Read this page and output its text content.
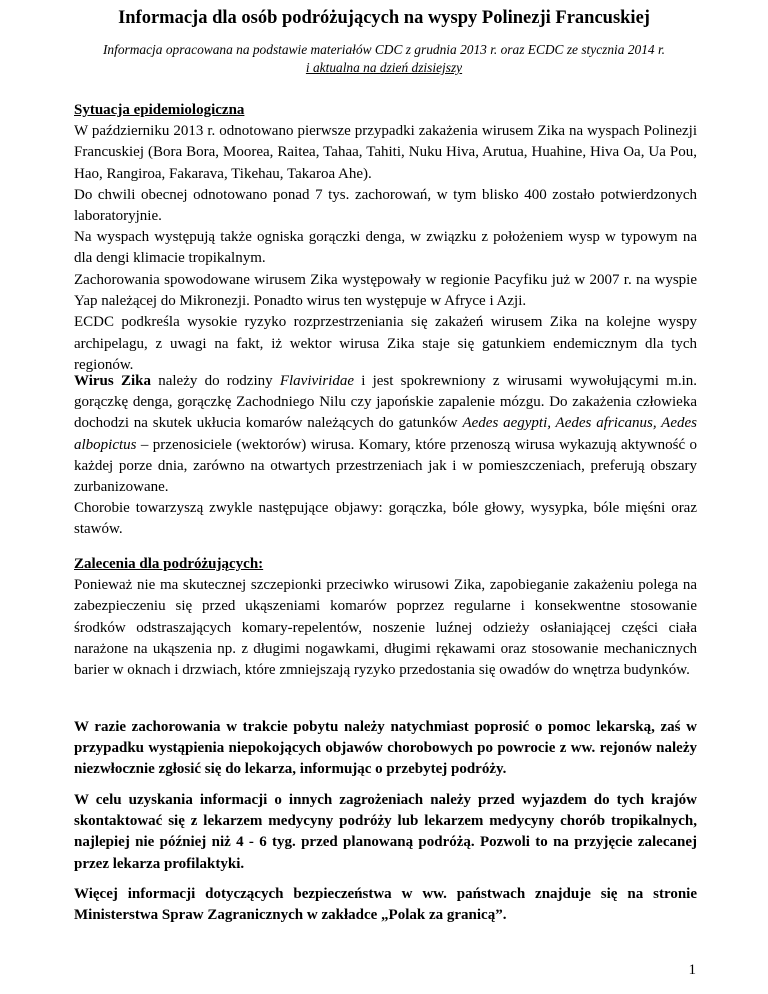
Informacja dla osób podróżujących na wyspy Polinezji Francuskiej
Informacja opracowana na podstawie materiałów CDC z grudnia 2013 r. oraz ECDC ze stycznia 2014 r.
i aktualna na dzień dzisiejszy

Sytuacja epidemiologiczna

W październiku 2013 r. odnotowano pierwsze przypadki zakażenia wirusem Zika na wyspach Polinezji Francuskiej (Bora Bora, Moorea, Raitea, Tahaa, Tahiti, Nuku Hiva, Arutua, Huahine, Hiva Oa, Ua Pou, Hao, Rangiroa, Fakarava, Tikehau, Takaroa Ahe).

Do chwili obecnej odnotowano ponad 7 tys. zachorowań, w tym blisko 400 zostało potwierdzonych laboratoryjnie.

Na wyspach występują także ogniska gorączki denga, w związku z położeniem wysp w typowym na dla dengi klimacie tropikalnym.

Zachorowania spowodowane wirusem Zika występowały w regionie Pacyfiku już w 2007 r. na wyspie Yap należącej do Mikronezji. Ponadto wirus ten występuje w Afryce i Azji.

ECDC podkreśla wysokie ryzyko rozprzestrzeniania się zakażeń wirusem Zika na kolejne wyspy archipelagu, z uwagi na fakt, iż wektor wirusa Zika staje się gatunkiem endemicznym dla tych regionów.

Wirus Zika należy do rodziny Flaviviridae i jest spokrewniony z wirusami wywołującymi m.in. gorączkę denga, gorączkę Zachodniego Nilu czy japońskie zapalenie mózgu. Do zakażenia człowieka dochodzi na skutek ukłucia komarów należących do gatunków Aedes aegypti, Aedes africanus, Aedes albopictus – przenosiciele (wektorów) wirusa. Komary, które przenoszą wirusa wykazują aktywność o każdej porze dnia, zarówno na otwartych przestrzeniach jak i w pomieszczeniach, preferują obszary zurbanizowane.

Chorobie towarzyszą zwykle następujące objawy: gorączka, bóle głowy, wysypka, bóle mięśni oraz stawów.

Zalecenia dla podróżujących:

Ponieważ nie ma skutecznej szczepionki przeciwko wirusowi Zika, zapobieganie zakażeniu polega na zabezpieczeniu się przed ukąszeniami komarów poprzez regularne i konsekwentne stosowanie środków odstraszających komary-repelentów, noszenie luźnej odzieży osłaniającej części ciała narażone na ukąszenia np. z długimi nogawkami, długimi rękawami oraz stosowanie mechanicznych barier w oknach i drzwiach, które zmniejszają ryzyko przedostania się owadów do wnętrza budynków.

W razie zachorowania w trakcie pobytu należy natychmiast poprosić o pomoc lekarską, zaś w przypadku wystąpienia niepokojących objawów chorobowych po powrocie z ww. rejonów należy niezwłocznie zgłosić się do lekarza, informując o przebytej podróży.

W celu uzyskania informacji o innych zagrożeniach należy przed wyjazdem do tych krajów skontaktować się z lekarzem medycyny podróży lub lekarzem medycyny chorób tropikalnych, najlepiej nie później niż 4 - 6 tyg. przed planowaną podróżą. Pozwoli to na przyjęcie zalecanej przez lekarza profilaktyki.

Więcej informacji dotyczących bezpieczeństwa w ww. państwach znajduje się na stronie Ministerstwa Spraw Zagranicznych w zakładce „Polak za granicą”.

1
